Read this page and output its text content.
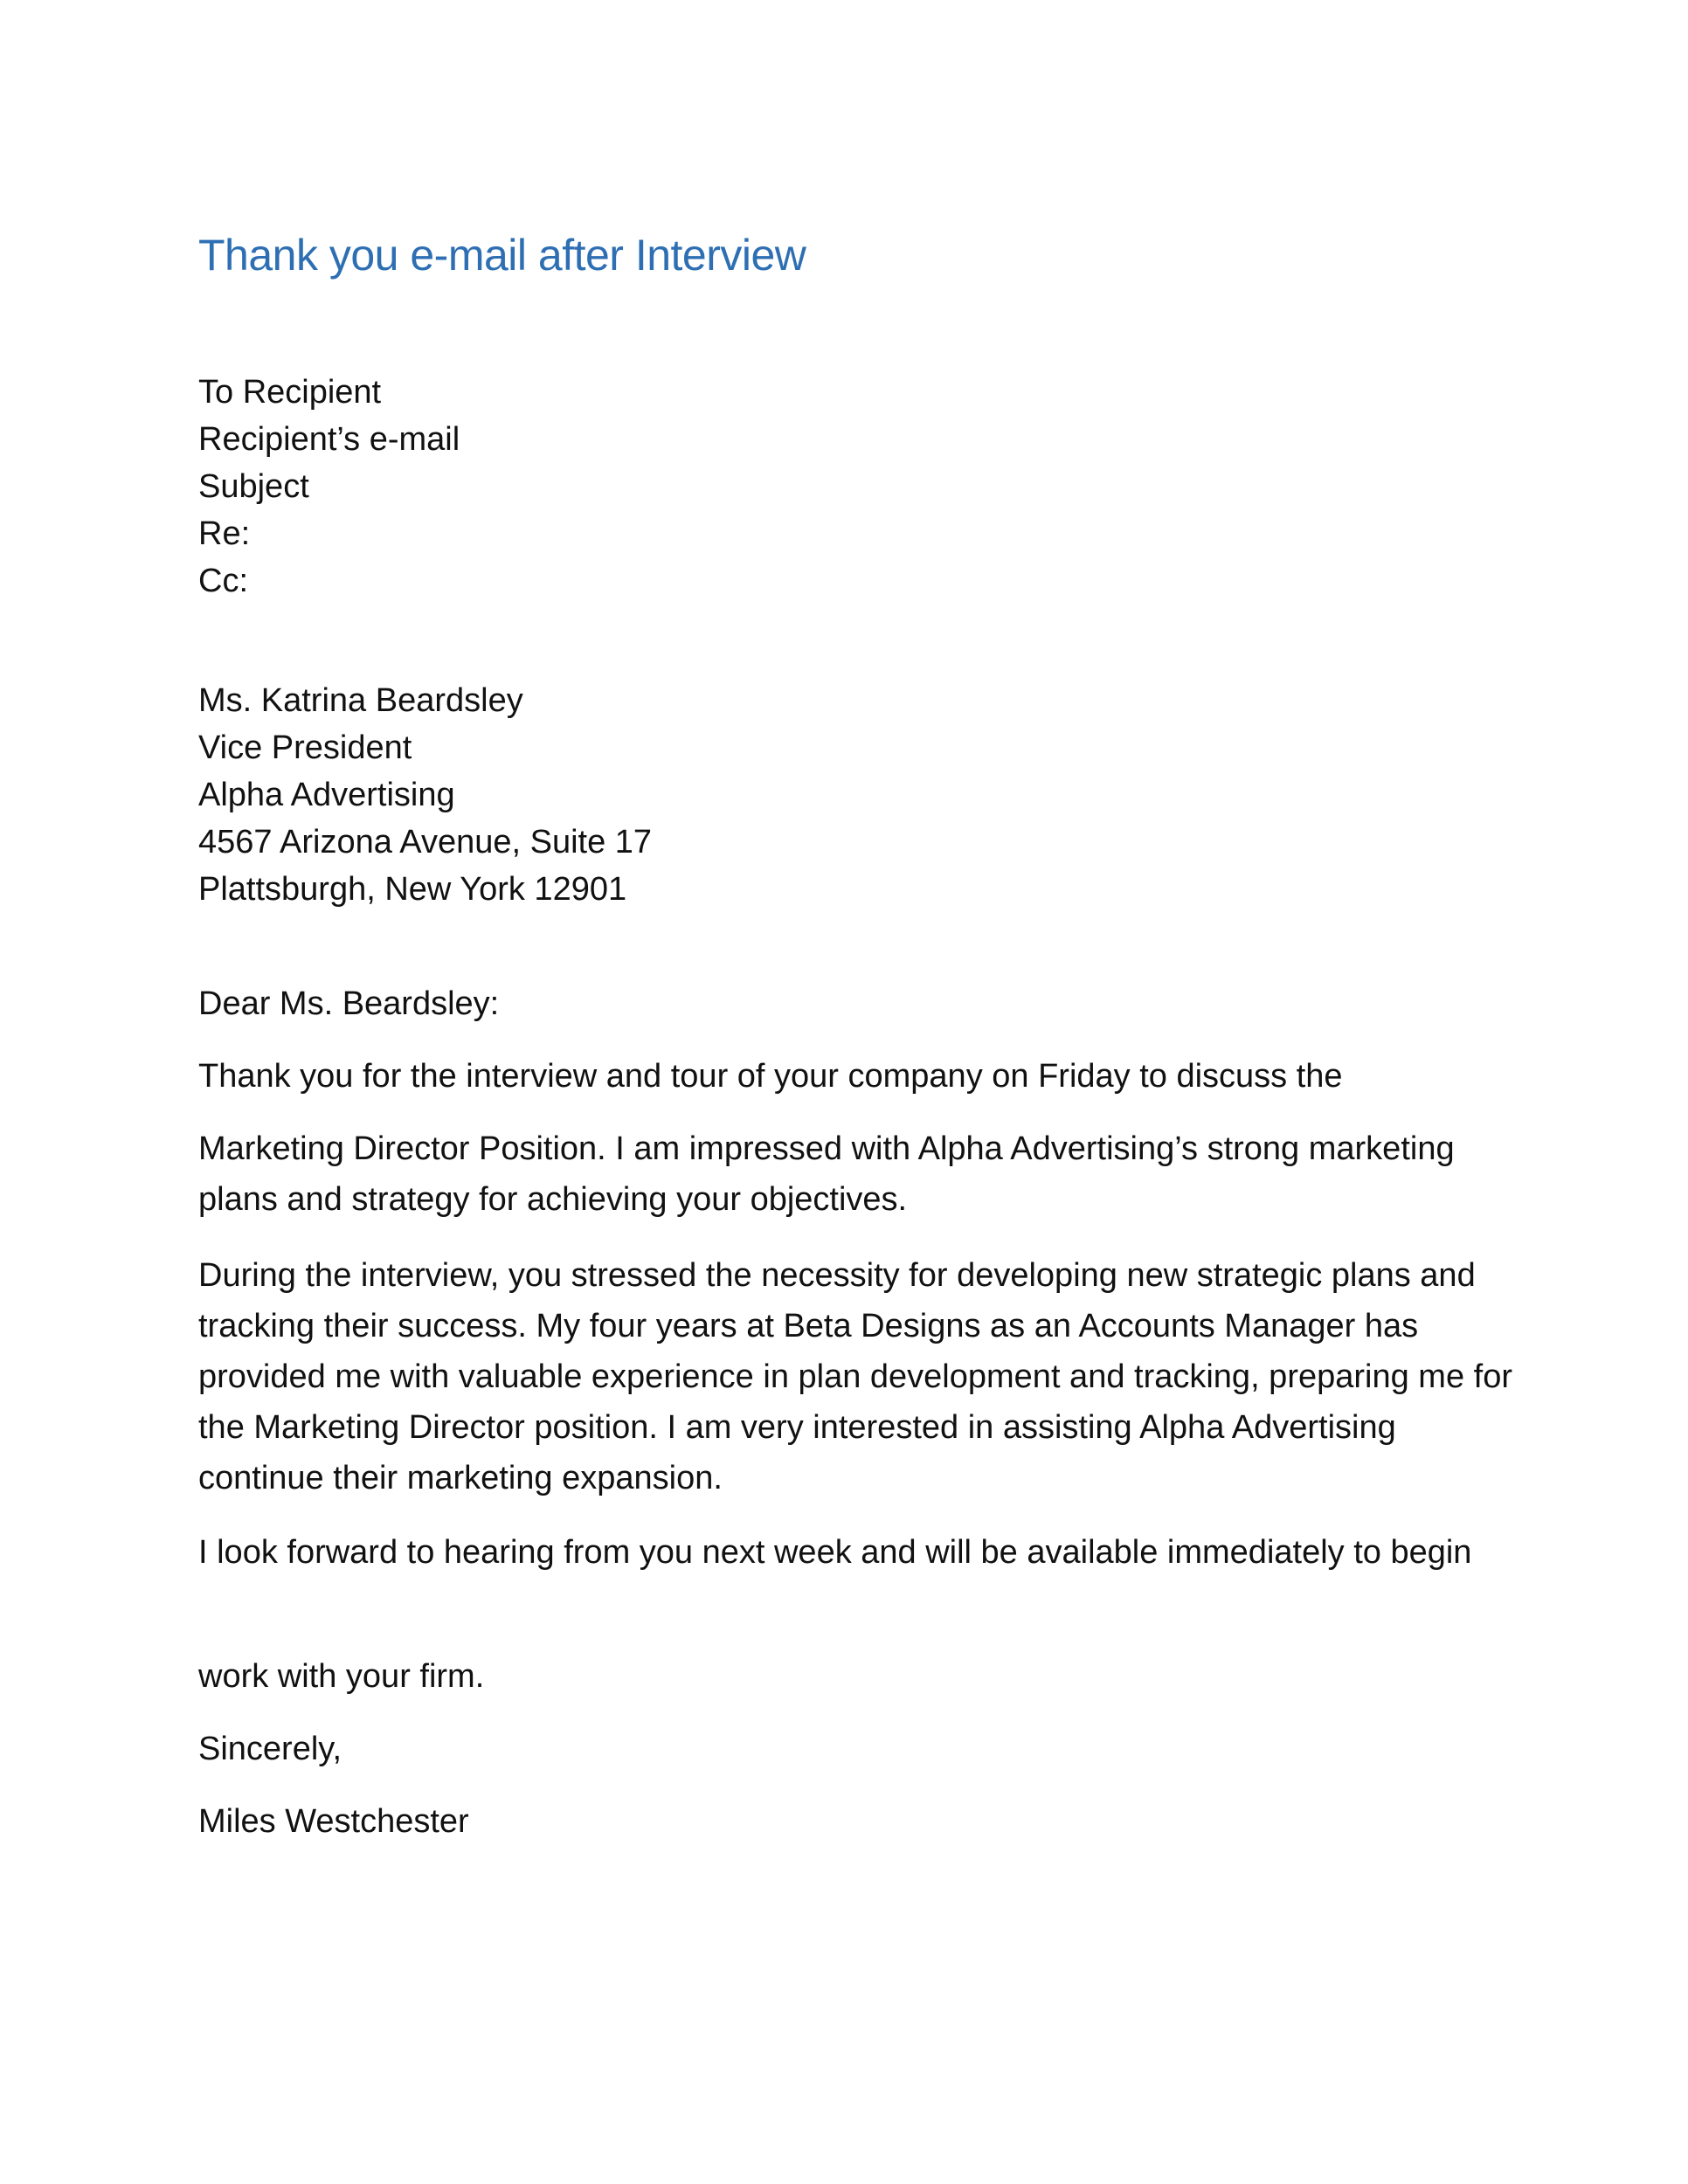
Thank you e-mail after Interview
To Recipient
Recipient’s e-mail
Subject
Re:
Cc:
Ms. Katrina Beardsley
Vice President
Alpha Advertising
4567 Arizona Avenue, Suite 17
Plattsburgh, New York 12901

Dear Ms. Beardsley:

Thank you for the interview and tour of your company on Friday to discuss the

Marketing Director Position. I am impressed with Alpha Advertising’s strong marketing plans and strategy for achieving your objectives.

During the interview, you stressed the necessity for developing new strategic plans and tracking their success. My four years at Beta Designs as an Accounts Manager has provided me with valuable experience in plan development and tracking, preparing me for the Marketing Director position. I am very interested in assisting Alpha Advertising continue their marketing expansion.

I look forward to hearing from you next week and will be available immediately to begin

work with your firm.

Sincerely,

Miles Westchester
